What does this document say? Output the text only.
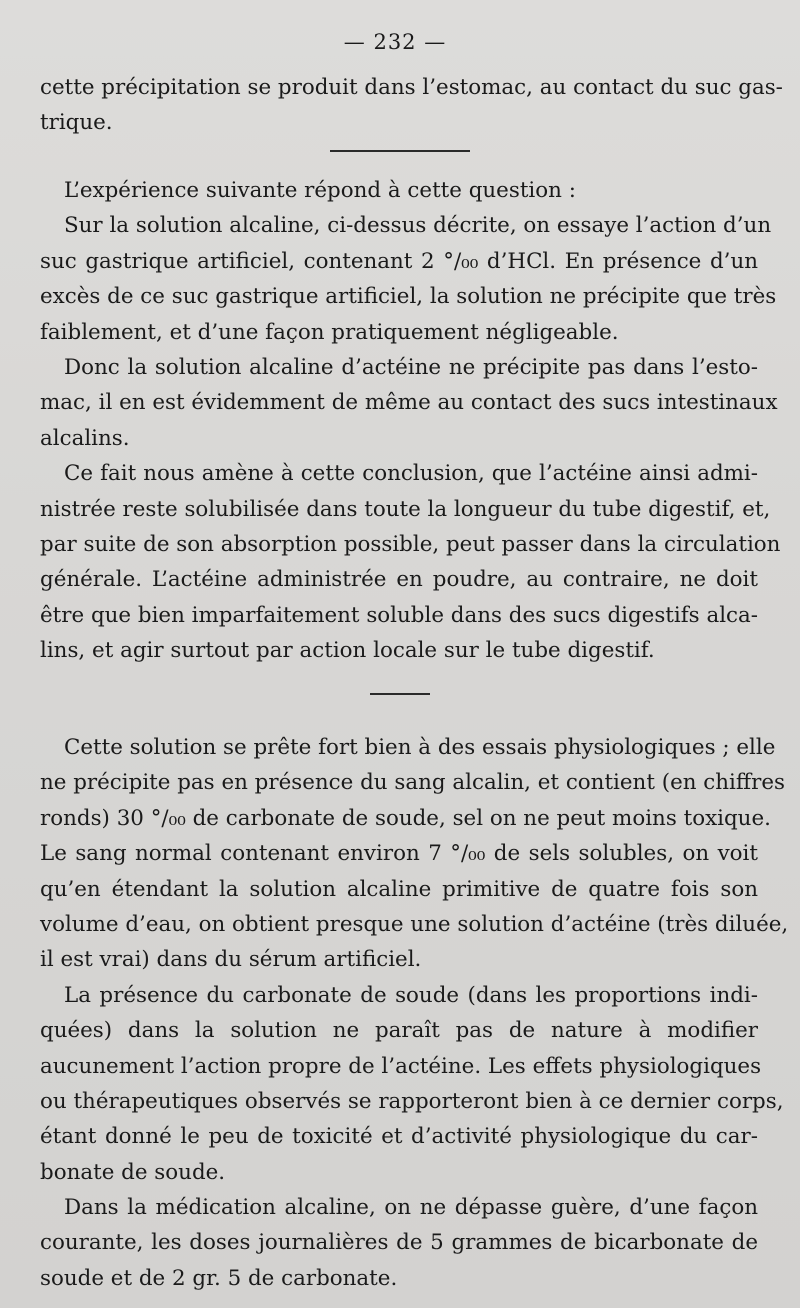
— 232 —
cette précipitation se produit dans l’estomac, au contact du suc gas-
trique.
L’expérience suivante répond à cette question :
Sur la solution alcaline, ci-dessus décrite, on essaye l’action d’un
suc gastrique artificiel, contenant 2 °/₀₀ d’HCl. En présence d’un
excès de ce suc gastrique artificiel, la solution ne précipite que très
faiblement, et d’une façon pratiquement négligeable.
Donc la solution alcaline d’actéine ne précipite pas dans l’esto-
mac, il en est évidemment de même au contact des sucs intestinaux
alcalins.
Ce fait nous amène à cette conclusion, que l’actéine ainsi admi-
nistrée reste solubilisée dans toute la longueur du tube digestif, et,
par suite de son absorption possible, peut passer dans la circulation
générale. L’actéine administrée en poudre, au contraire, ne doit
être que bien imparfaitement soluble dans des sucs digestifs alca-
lins, et agir surtout par action locale sur le tube digestif.
Cette solution se prête fort bien à des essais physiologiques ; elle
ne précipite pas en présence du sang alcalin, et contient (en chiffres
ronds) 30 °/₀₀ de carbonate de soude, sel on ne peut moins toxique.
Le sang normal contenant environ 7 °/₀₀ de sels solubles, on voit
qu’en étendant la solution alcaline primitive de quatre fois son
volume d’eau, on obtient presque une solution d’actéine (très diluée,
il est vrai) dans du sérum artificiel.
La présence du carbonate de soude (dans les proportions indi-
quées) dans la solution ne paraît pas de nature à modifier
aucunement l’action propre de l’actéine. Les effets physiologiques
ou thérapeutiques observés se rapporteront bien à ce dernier corps,
étant donné le peu de toxicité et d’activité physiologique du car-
bonate de soude.
Dans la médication alcaline, on ne dépasse guère, d’une façon
courante, les doses journalières de 5 grammes de bicarbonate de
soude et de 2 gr. 5 de carbonate.
